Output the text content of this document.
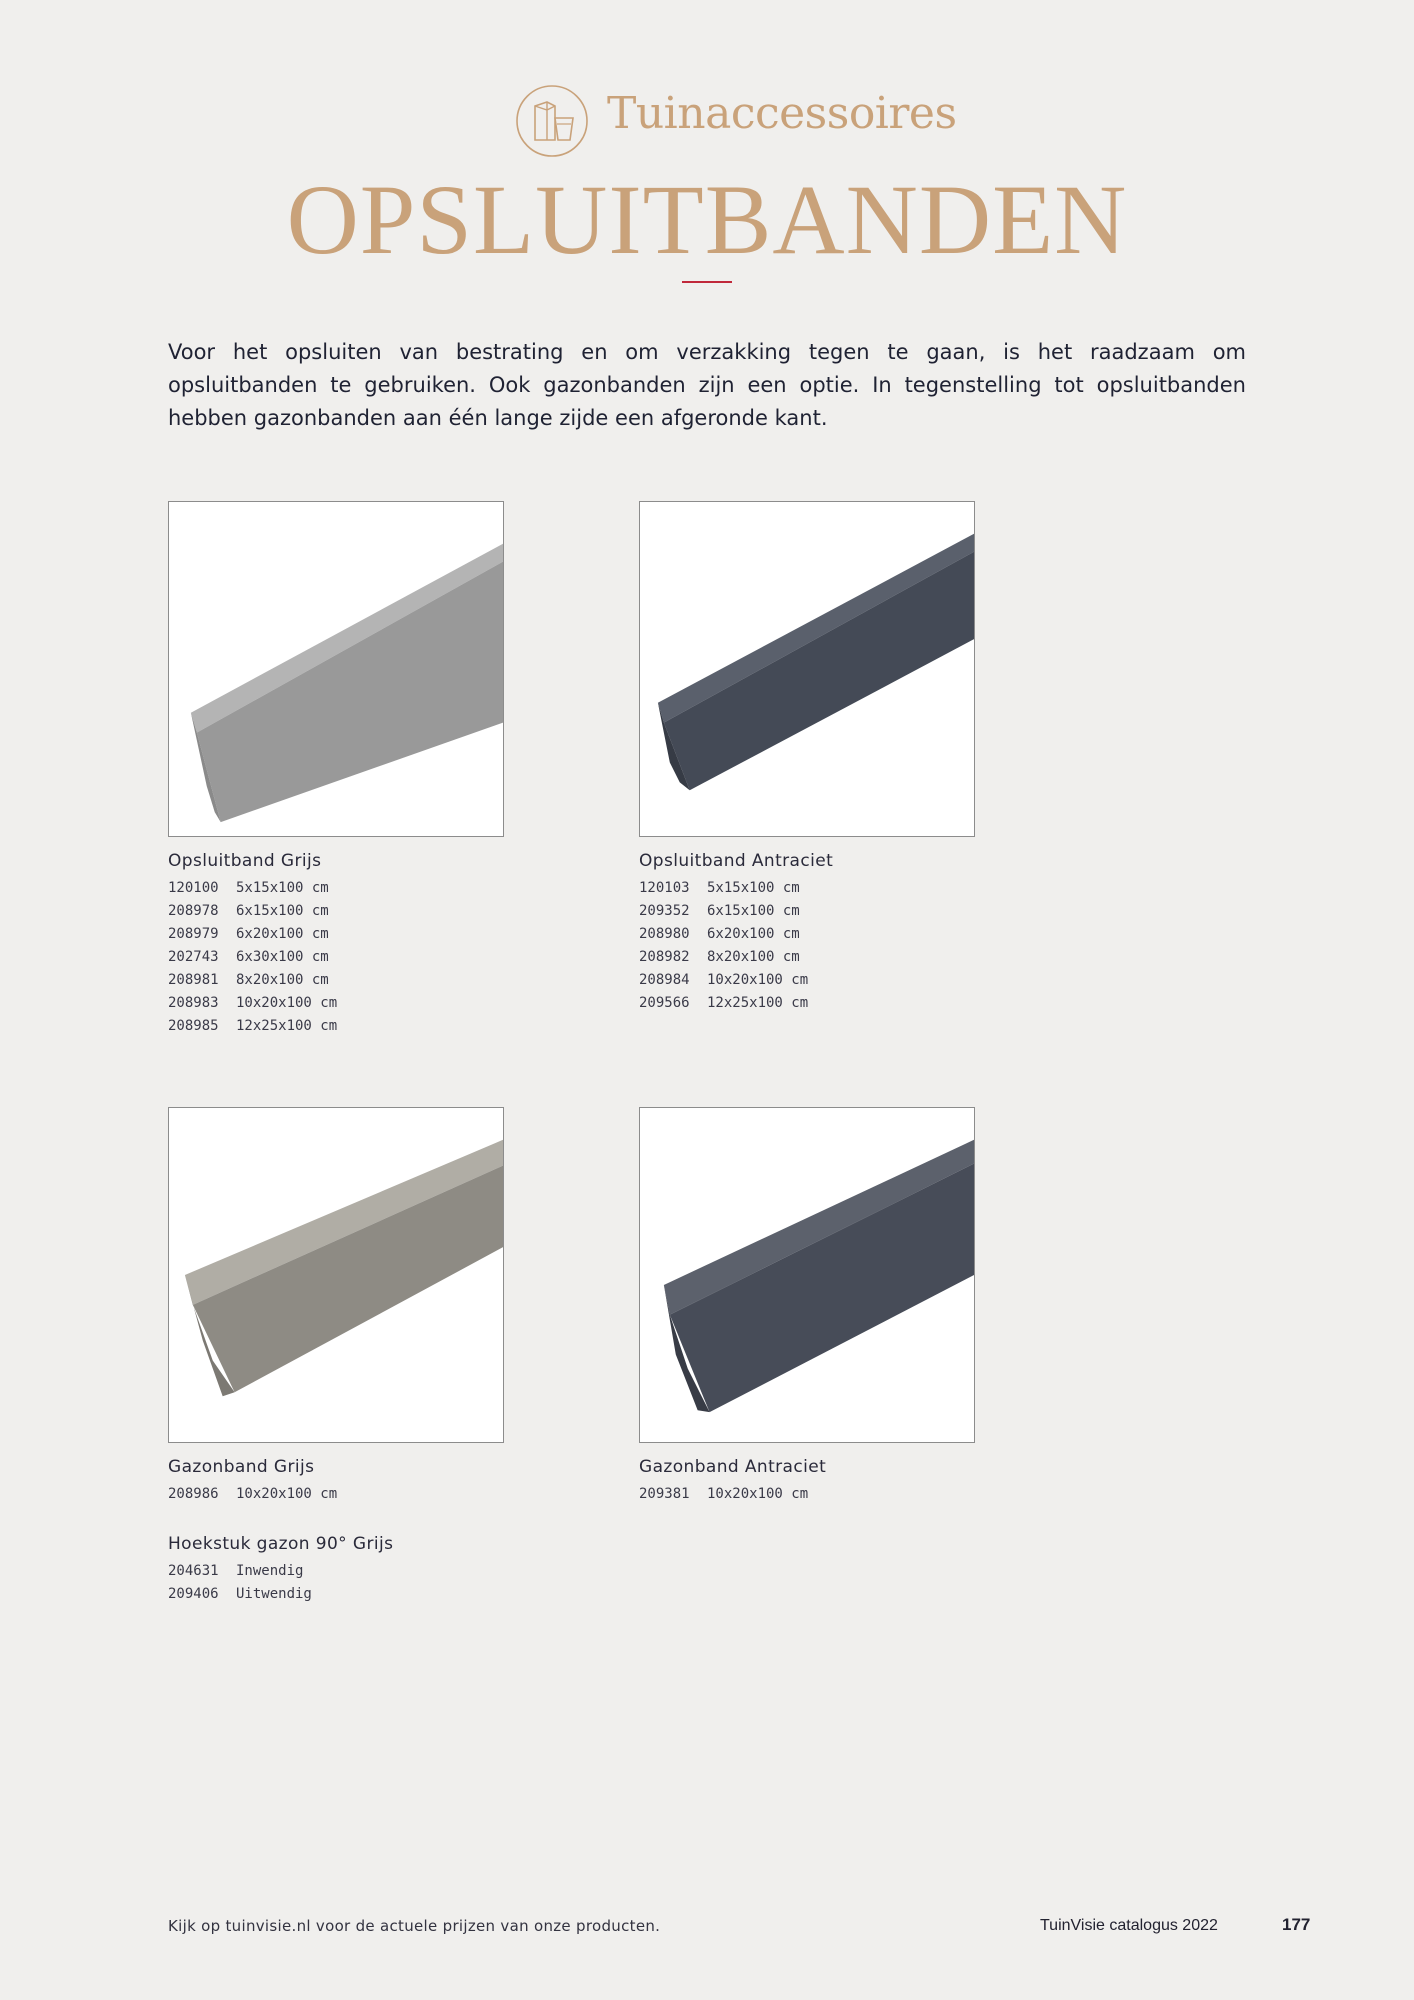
Tuinaccessoires
OPSLUITBANDEN

Voor het opsluiten van bestrating en om verzakking tegen te gaan, is het raadzaam om opsluitbanden te gebruiken. Ook gazonbanden zijn een optie. In tegenstelling tot opsluitbanden hebben gazonbanden aan één lange zijde een afgeronde kant.

Opsluitband Grijs
120100 5x15x100 cm
208978 6x15x100 cm
208979 6x20x100 cm
202743 6x30x100 cm
208981 8x20x100 cm
208983 10x20x100 cm
208985 12x25x100 cm
Opsluitband Antraciet
120103 5x15x100 cm
209352 6x15x100 cm
208980 6x20x100 cm
208982 8x20x100 cm
208984 10x20x100 cm
209566 12x25x100 cm
Gazonband Grijs
208986 10x20x100 cm
Gazonband Antraciet
209381 10x20x100 cm
Hoekstuk gazon 90° Grijs
204631 Inwendig
209406 Uitwendig
Kijk op tuinvisie.nl voor de actuele prijzen van onze producten.	TuinVisie catalogus 2022	177
